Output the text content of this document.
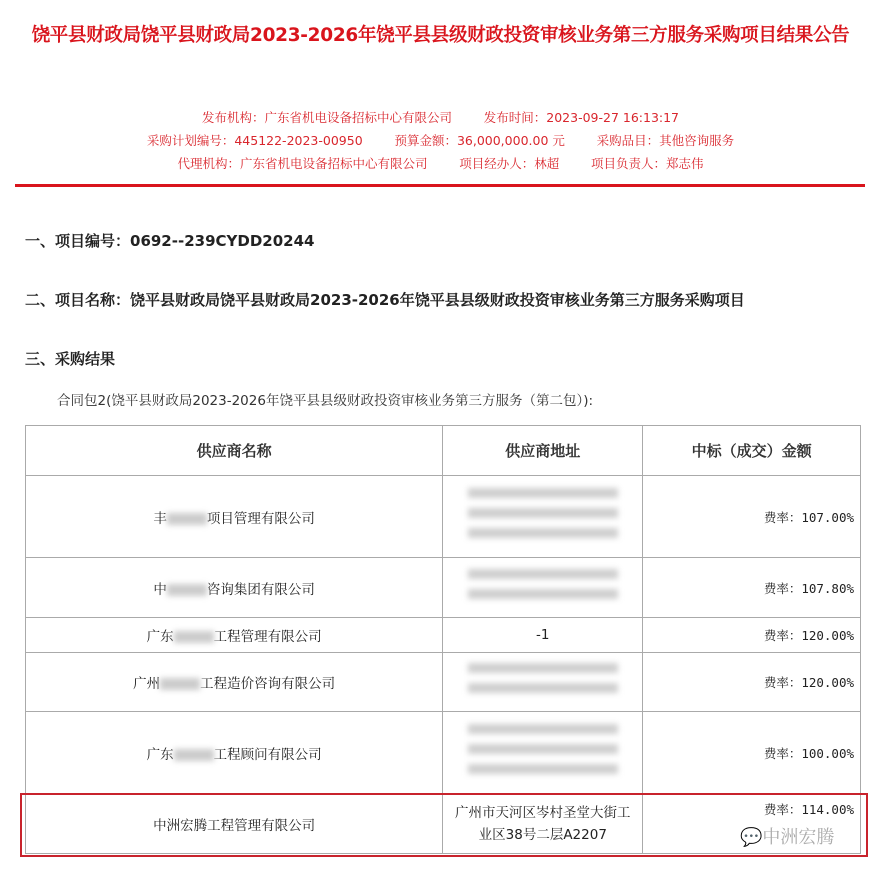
饶平县财政局饶平县财政局2023-2026年饶平县县级财政投资审核业务第三方服务采购项目结果公告
发布机构：广东省机电设备招标中心有限公司        发布时间：2023-09-27 16:13:17
采购计划编号：445122-2023-00950        预算金额：36,000,000.00 元        采购品目：其他咨询服务
代理机构：广东省机电设备招标中心有限公司        项目经办人：林超        项目负责人：郑志伟
一、项目编号：0692--239CYDD20244
二、项目名称：饶平县财政局饶平县财政局2023-2026年饶平县县级财政投资审核业务第三方服务采购项目
三、采购结果
合同包2(饶平县财政局2023-2026年饶平县县级财政投资审核业务第三方服务（第二包）):
供应商名称	供应商地址	中标（成交）金额
丰 项目管理有限公司		费率：107.00%
中 咨询集团有限公司		费率：107.80%
广东 工程管理有限公司	-1	费率：120.00%
广州 工程造价咨询有限公司		费率：120.00%
广东 工程顾问有限公司		费率：100.00%
中洲宏腾工程管理有限公司	广州市天河区岑村圣堂大街工业区38号二层A2207	费率：114.00%
💬中洲宏腾
